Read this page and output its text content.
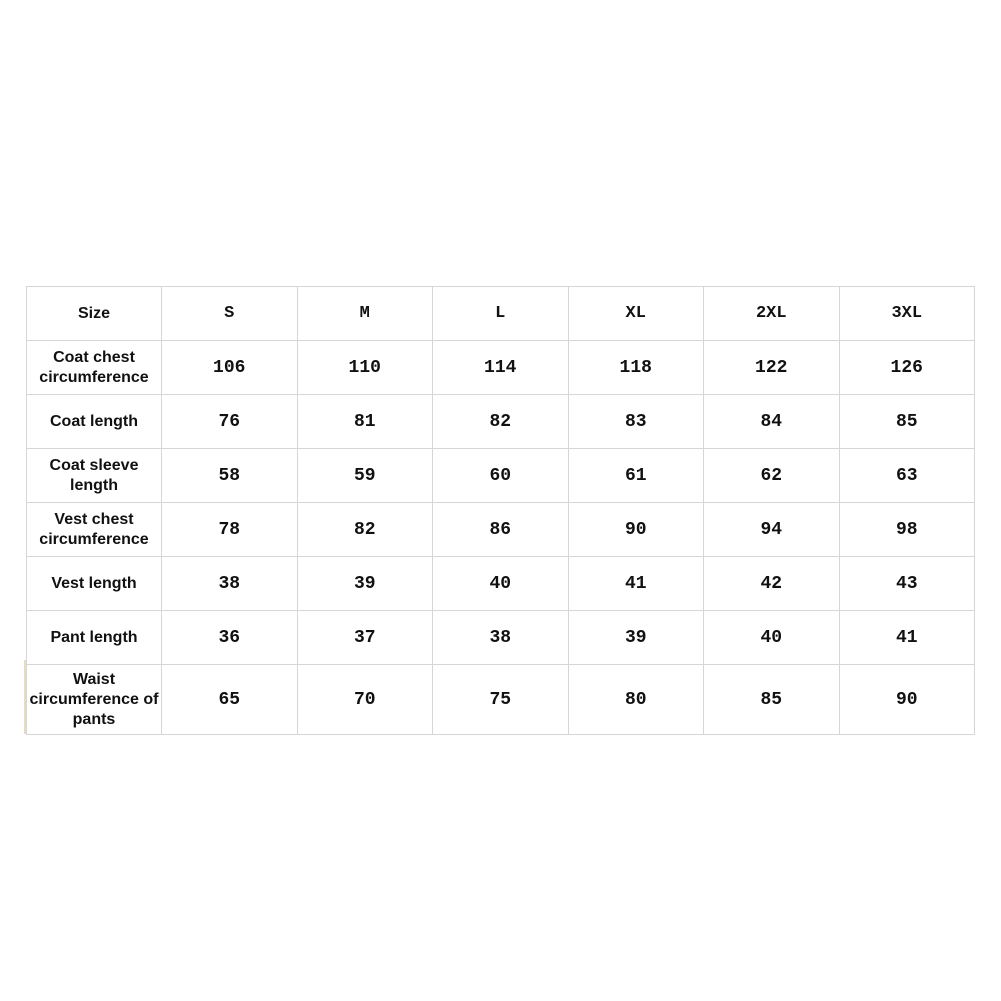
Size	S	M	L	XL	2XL	3XL
Coat chest circumference	106	110	114	118	122	126
Coat length	76	81	82	83	84	85
Coat sleeve length	58	59	60	61	62	63
Vest chest circumference	78	82	86	90	94	98
Vest length	38	39	40	41	42	43
Pant length	36	37	38	39	40	41
Waist circumference of pants	65	70	75	80	85	90
